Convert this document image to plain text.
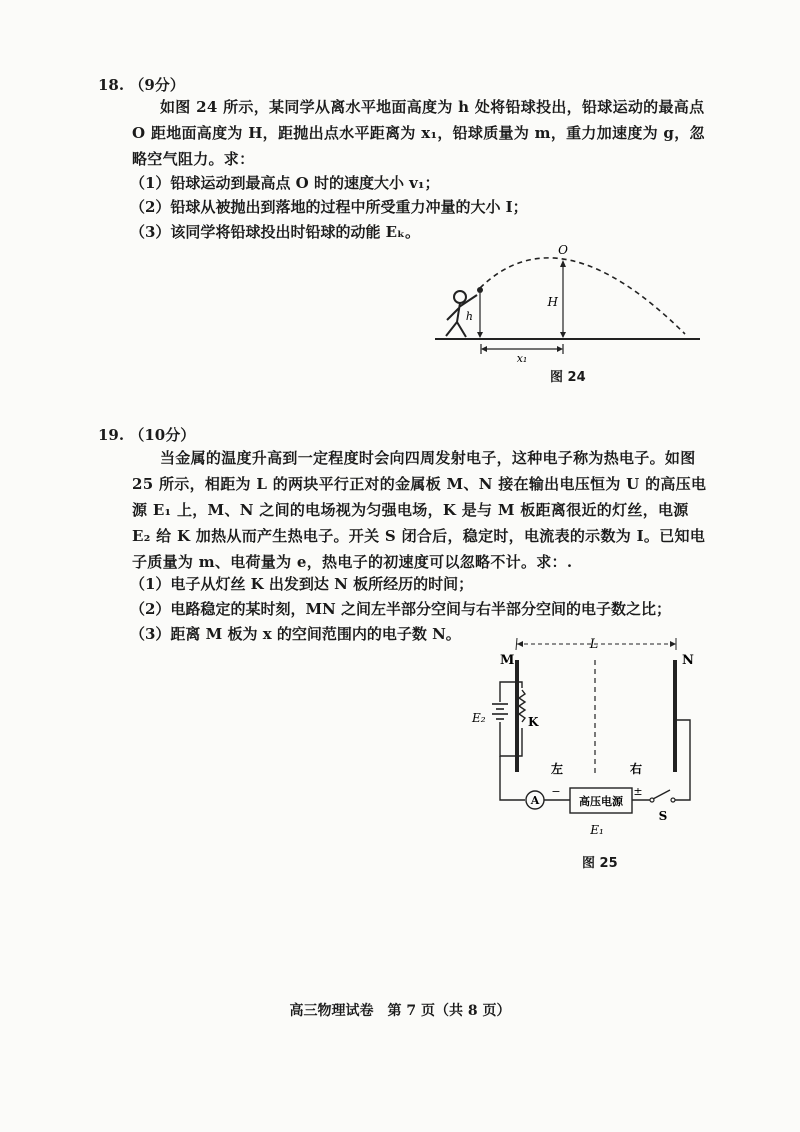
18. （9分）
如图 24 所示，某同学从离水平地面高度为 h 处将铅球投出，铅球运动的最高点 O 距地面高度为 H，距抛出点水平距离为 x₁，铅球质量为 m，重力加速度为 g，忽略空气阻力。求：
（1）铅球运动到最高点 O 时的速度大小 v₁；
（2）铅球从被抛出到落地的过程中所受重力冲量的大小 I；
（3）该同学将铅球投出时铅球的动能 Eₖ。
h
H
O
x₁
图 24
19. （10分）
当金属的温度升高到一定程度时会向四周发射电子，这种电子称为热电子。如图 25 所示，相距为 L 的两块平行正对的金属板 M、N 接在输出电压恒为 U 的高压电源 E₁ 上，M、N 之间的电场视为匀强电场，K 是与 M 板距离很近的灯丝，电源 E₂ 给 K 加热从而产生热电子。开关 S 闭合后，稳定时，电流表的示数为 I。已知电子质量为 m、电荷量为 e，热电子的初速度可以忽略不计。求：.
（1）电子从灯丝 K 出发到达 N 板所经历的时间；
（2）电路稳定的某时刻，MN 之间左半部分空间与右半部分空间的电子数之比；
（3）距离 M 板为 x 的空间范围内的电子数 N。
L
M	N
K
E₂
左	右
A
−
高压电源
±
S
E₁
图 25
高三物理试卷　第 7 页（共 8 页）
